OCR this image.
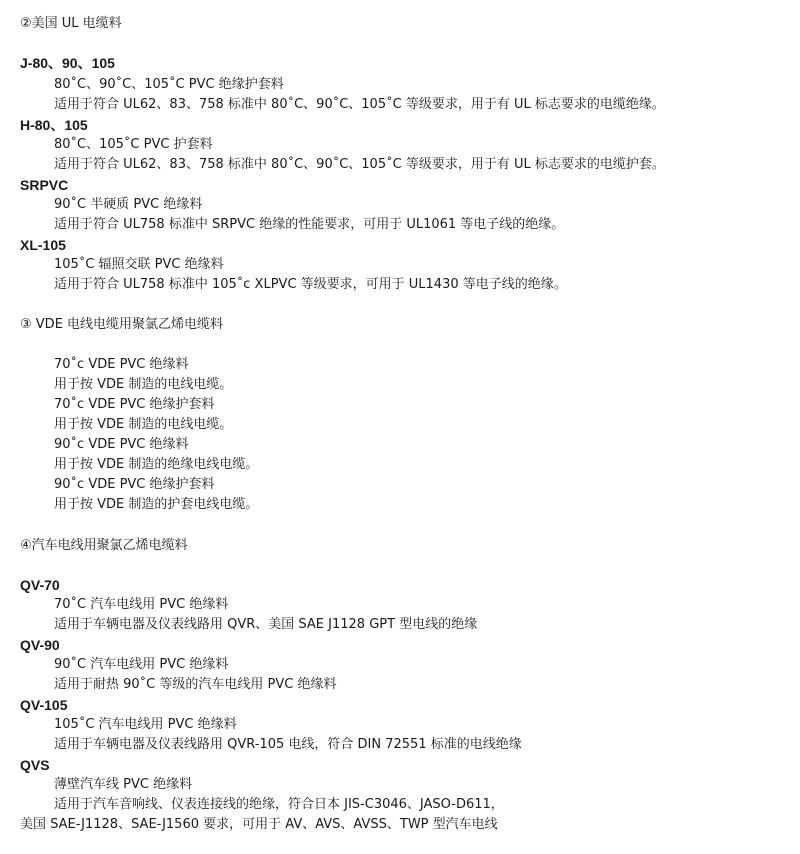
②美国 UL 电缆料
J-80、90、105
80˚C、90˚C、105˚C PVC 绝缘护套料
适用于符合 UL62、83、758 标准中 80˚C、90˚C、105˚C 等级要求，用于有 UL 标志要求的电缆绝缘。
H-80、105
80˚C、105˚C PVC 护套料
适用于符合 UL62、83、758 标准中 80˚C、90˚C、105˚C 等级要求，用于有 UL 标志要求的电缆护套。
SRPVC
90˚C 半硬质 PVC 绝缘料
适用于符合 UL758 标准中 SRPVC 绝缘的性能要求，可用于 UL1061 等电子线的绝缘。
XL-105
105˚C 辐照交联 PVC 绝缘料
适用于符合 UL758 标准中 105˚c XLPVC 等级要求，可用于 UL1430 等电子线的绝缘。
③ VDE 电线电缆用聚氯乙烯电缆料
70˚c VDE PVC 绝缘料
用于按 VDE 制造的电线电缆。
70˚c VDE PVC 绝缘护套料
用于按 VDE 制造的电线电缆。
90˚c VDE PVC 绝缘料
用于按 VDE 制造的绝缘电线电缆。
90˚c VDE PVC 绝缘护套料
用于按 VDE 制造的护套电线电缆。
④汽车电线用聚氯乙烯电缆料
QV-70
70˚C 汽车电线用 PVC 绝缘料
适用于车辆电器及仪表线路用 QVR、美国 SAE J1128 GPT 型电线的绝缘
QV-90
90˚C 汽车电线用 PVC 绝缘料
适用于耐热 90˚C 等级的汽车电线用 PVC 绝缘料
QV-105
105˚C 汽车电线用 PVC 绝缘料
适用于车辆电器及仪表线路用 QVR-105 电线，符合 DIN 72551 标准的电线绝缘
QVS
薄壁汽车线 PVC 绝缘料
适用于汽车音响线、仪表连接线的绝缘，符合日本 JIS-C3046、JASO-D611，
美国 SAE-J1128、SAE-J1560 要求，可用于 AV、AVS、AVSS、TWP 型汽车电线
